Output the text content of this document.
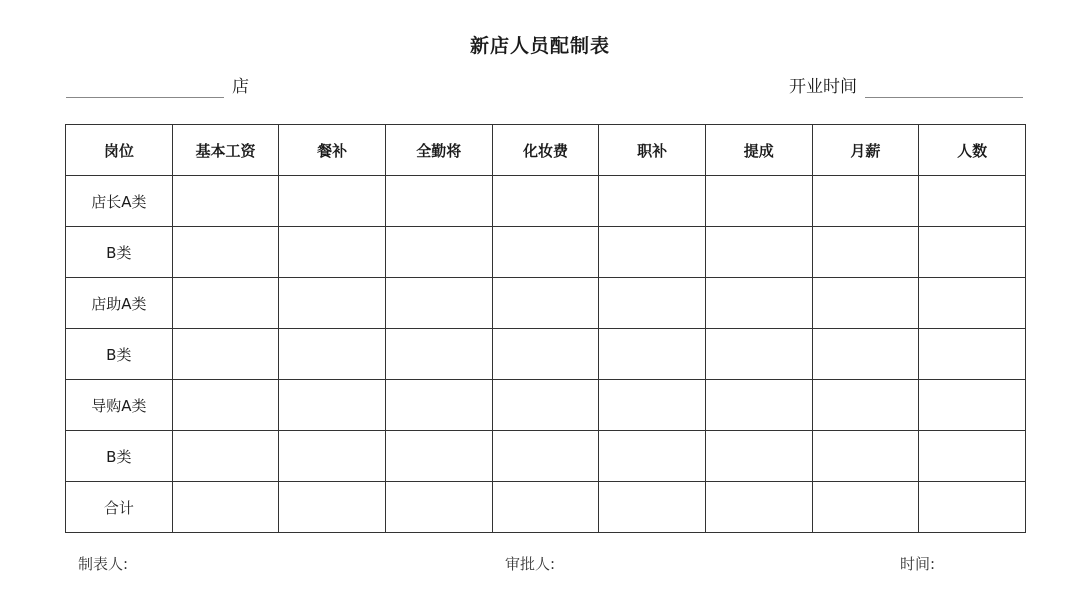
新店人员配制表
店	开业时间
岗位	基本工资	餐补	全勤将	化妆费	职补	提成	月薪	人数
店长A类								
B类								
店助A类								
B类								
导购A类								
B类								
合计								
制表人:	审批人:	时间:
